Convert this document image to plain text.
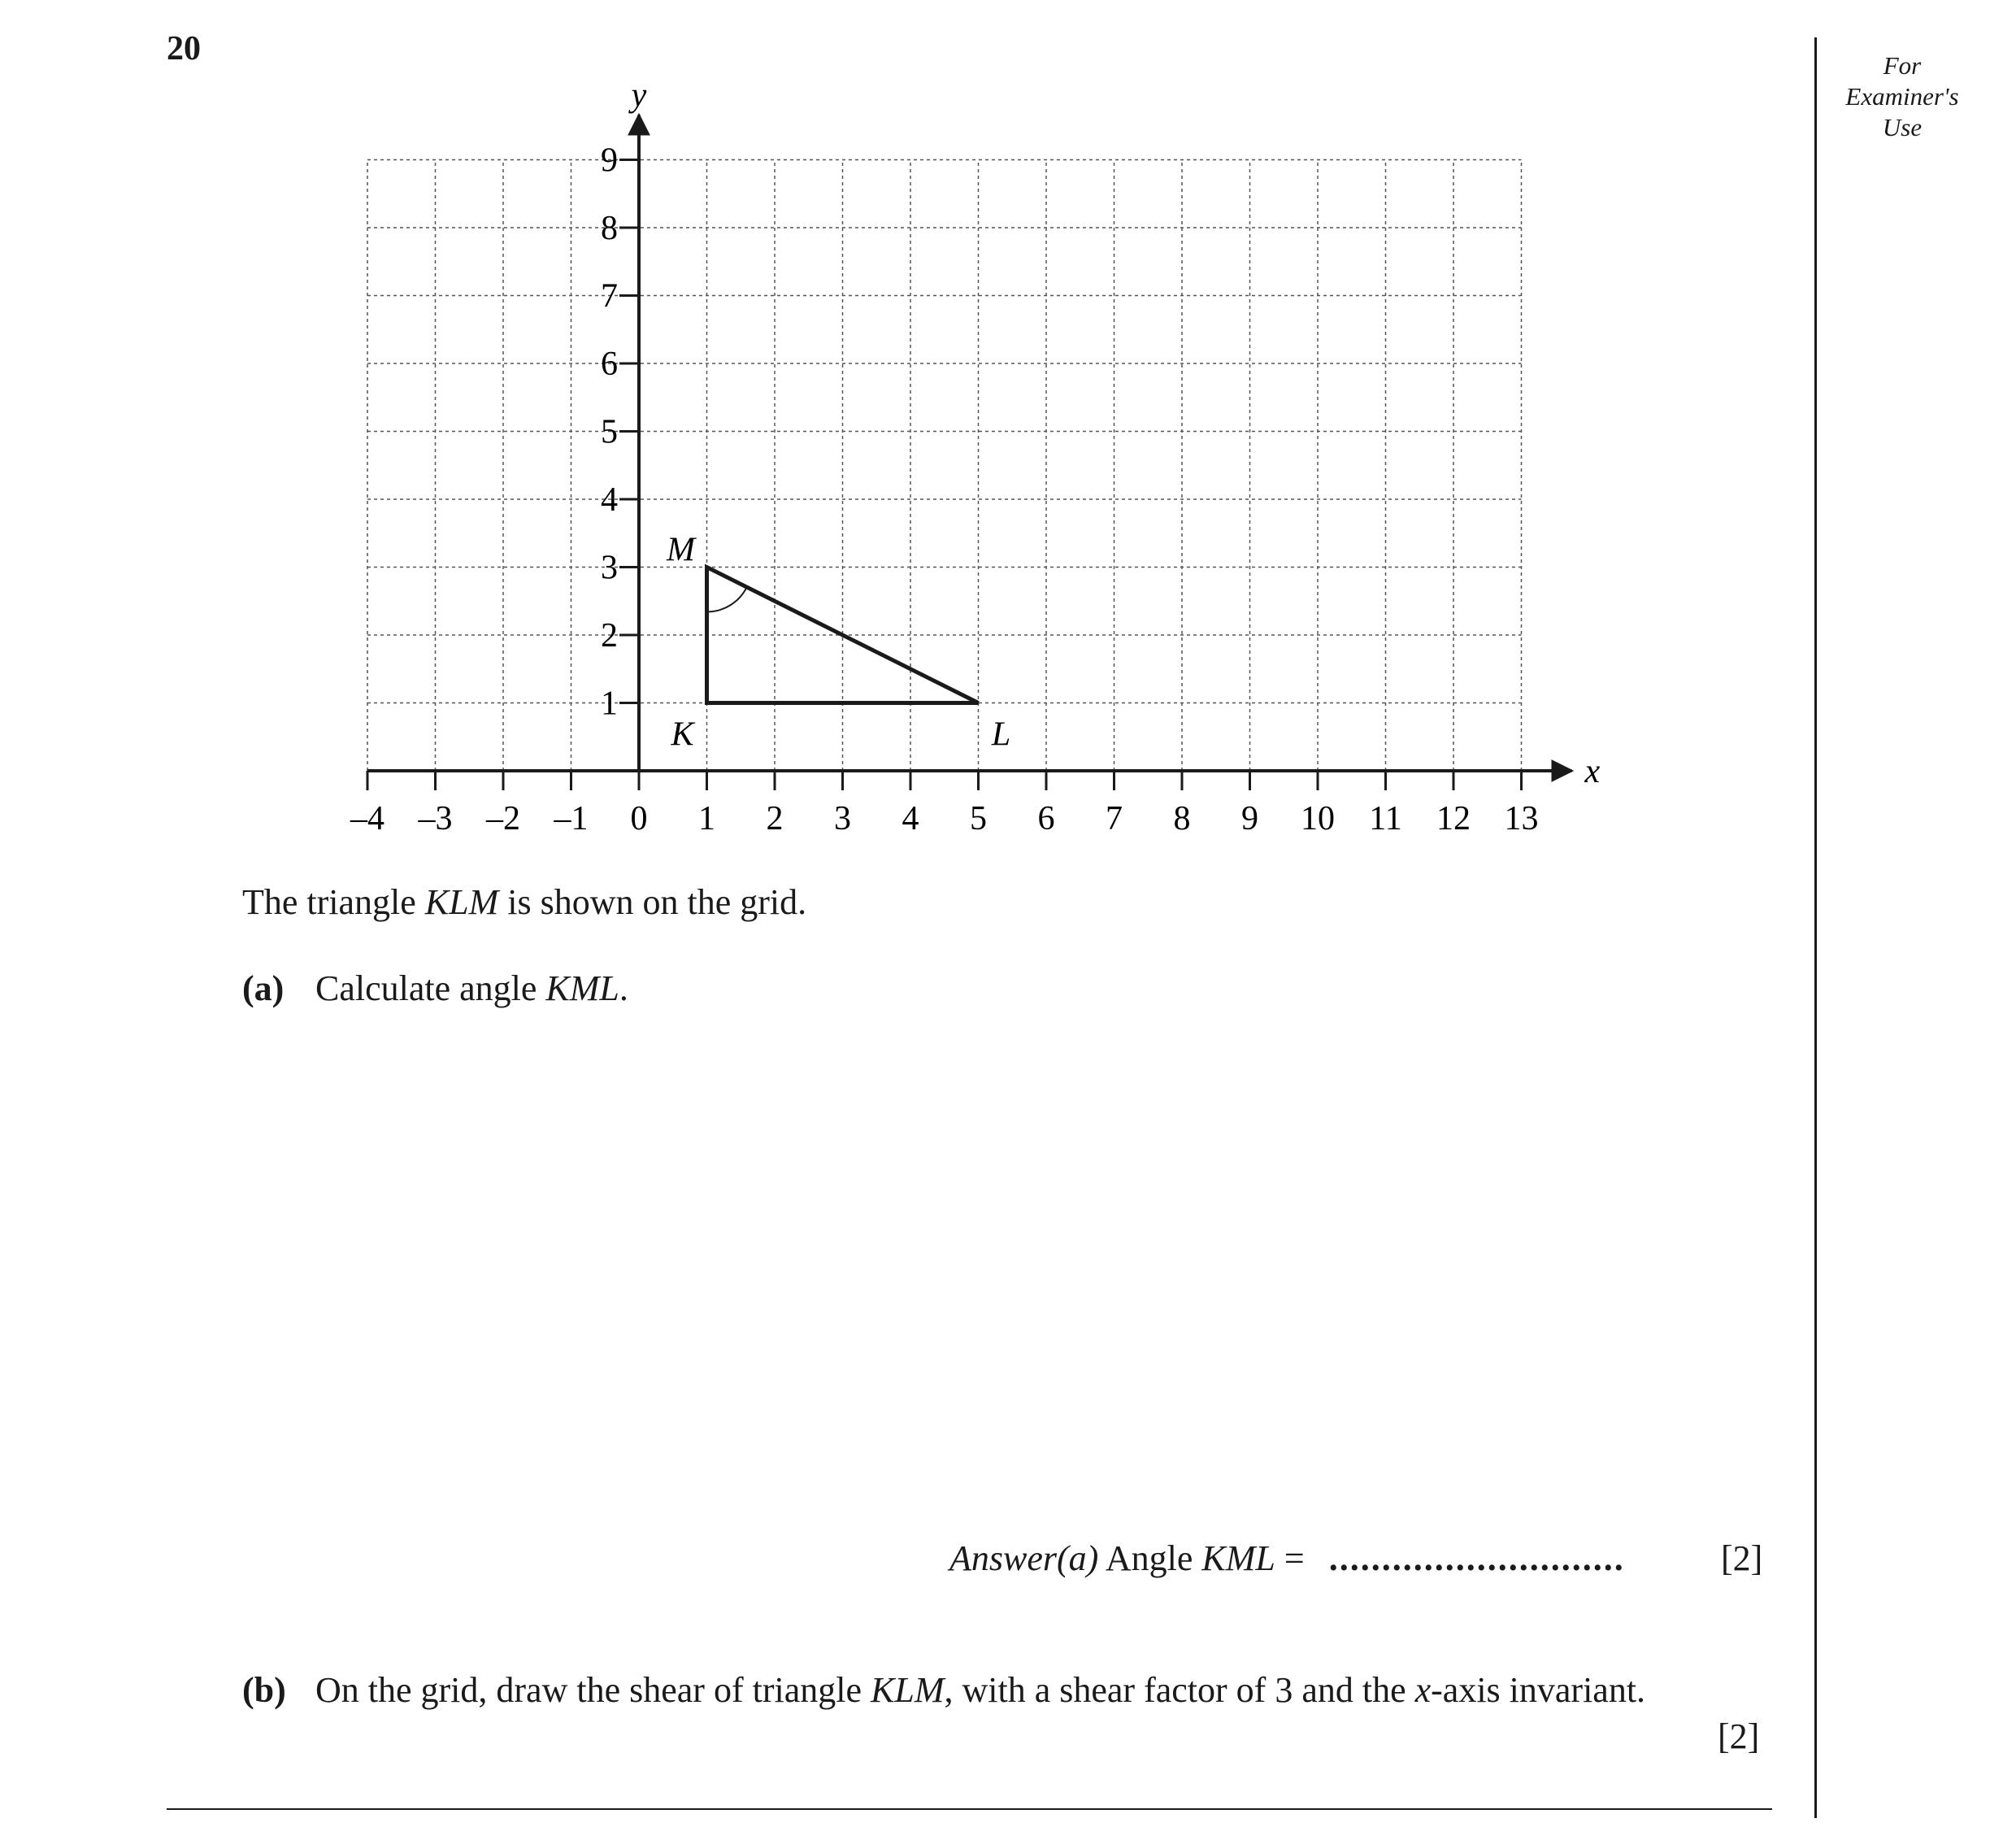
20	For
Examiner's
Use
–4 –3 –2 –1 0 1 2 3 4 5 6 7 8 9 10 11 12 13
1
2
3
4
5
6
7
8
9
K	L
M
x
y
The triangle KLM is shown on the grid.
(a) Calculate angle KML.
Answer(a) Angle KML = ............................	[2]
(b) On the grid, draw the shear of triangle KLM, with a shear factor of 3 and the x-axis invariant.
[2]
